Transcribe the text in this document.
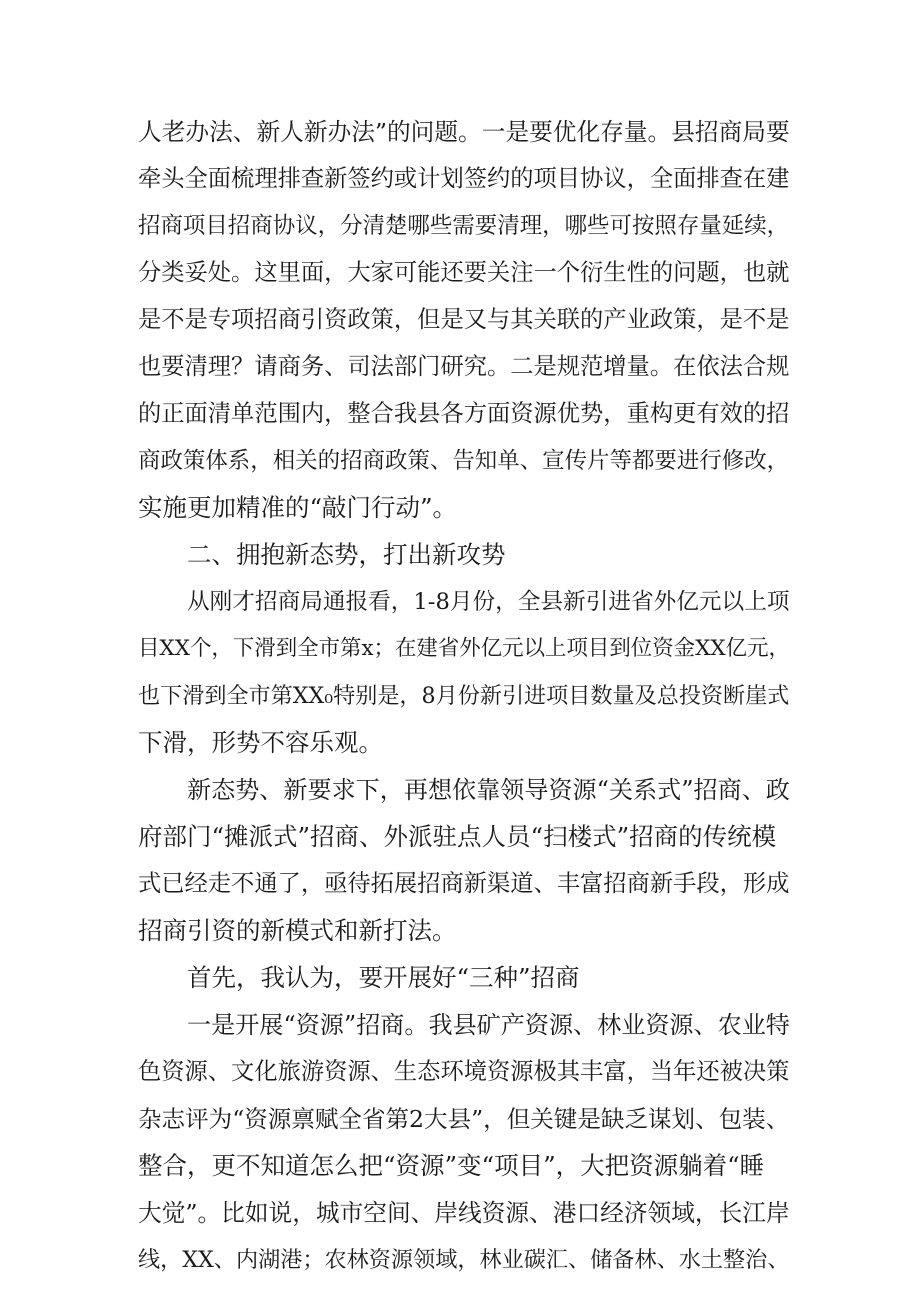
人老办法、新人新办法”的问题。一是要优化存量。县招商局要
牵头全面梳理排查新签约或计划签约的项目协议，全面排查在建
招商项目招商协议，分清楚哪些需要清理，哪些可按照存量延续，
分类妥处。这里面，大家可能还要关注一个衍生性的问题，也就
是不是专项招商引资政策，但是又与其关联的产业政策，是不是
也要清理？请商务、司法部门研究。二是规范增量。在依法合规
的正面清单范围内，整合我县各方面资源优势，重构更有效的招
商政策体系，相关的招商政策、告知单、宣传片等都要进行修改，
实施更加精准的“敲门行动”。
二、拥抱新态势，打出新攻势
从刚才招商局通报看，1-8月份，全县新引进省外亿元以上项
目XX个，下滑到全市第x；在建省外亿元以上项目到位资金XX亿元，
也下滑到全市第XX₀特别是，8月份新引进项目数量及总投资断崖式
下滑，形势不容乐观。
新态势、新要求下，再想依靠领导资源“关系式”招商、政
府部门“摊派式”招商、外派驻点人员“扫楼式”招商的传统模
式已经走不通了，亟待拓展招商新渠道、丰富招商新手段，形成
招商引资的新模式和新打法。
首先，我认为，要开展好“三种”招商
一是开展“资源”招商。我县矿产资源、林业资源、农业特
色资源、文化旅游资源、生态环境资源极其丰富，当年还被决策
杂志评为“资源禀赋全省第2大县”，但关键是缺乏谋划、包装、
整合，更不知道怎么把“资源”变“项目”，大把资源躺着“睡
大觉”。比如说，城市空间、岸线资源、港口经济领域，长江岸
线，XX、内湖港；农林资源领域，林业碳汇、储备林、水土整治、
